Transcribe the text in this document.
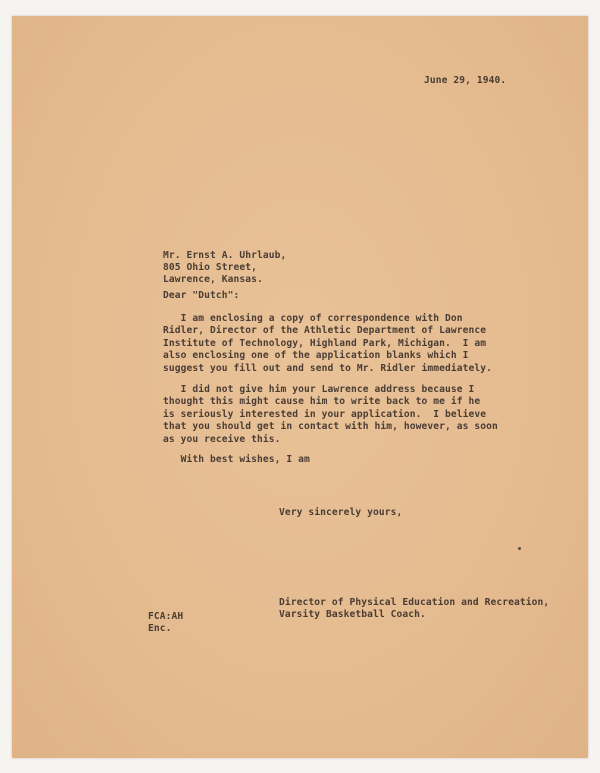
June 29, 1940.
Mr. Ernst A. Uhrlaub,
805 Ohio Street,
Lawrence, Kansas.
Dear "Dutch":
I am enclosing a copy of correspondence with Don
Ridler, Director of the Athletic Department of Lawrence
Institute of Technology, Highland Park, Michigan.  I am
also enclosing one of the application blanks which I
suggest you fill out and send to Mr. Ridler immediately.
I did not give him your Lawrence address because I
thought this might cause him to write back to me if he
is seriously interested in your application.  I believe
that you should get in contact with him, however, as soon
as you receive this.
With best wishes, I am
Very sincerely yours,
Director of Physical Education and Recreation,
Varsity Basketball Coach.
FCA:AH
Enc.
